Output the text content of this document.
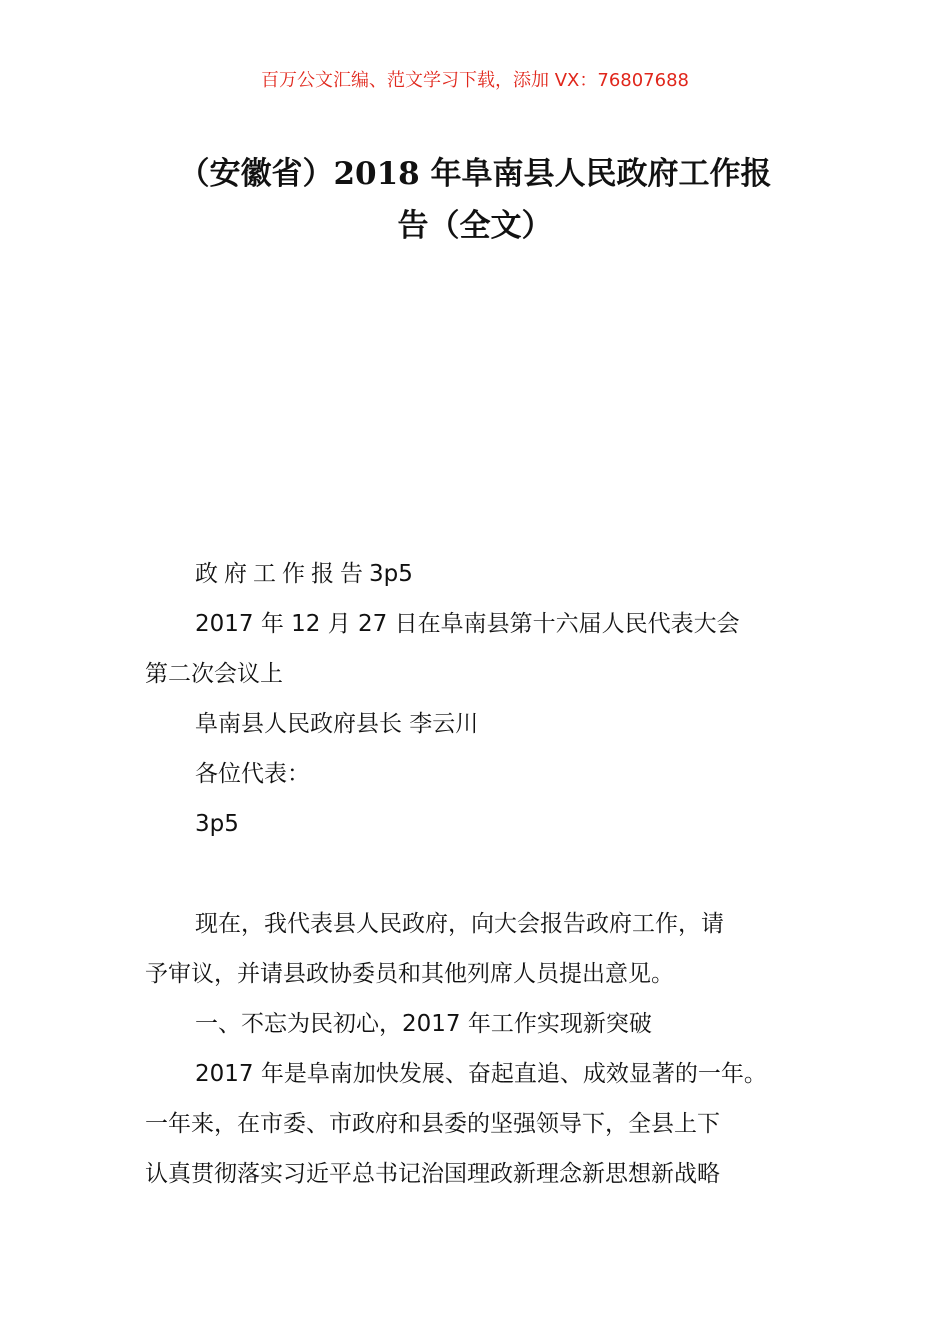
百万公文汇编、范文学习下载，添加 VX：76807688
（安徽省）2018 年阜南县人民政府工作报
告（全文）

政府工作报告3p5

2017 年 12 月 27 日在阜南县第十六届人民代表大会

第二次会议上

阜南县人民政府县长 李云川

各位代表：

3p5

现在，我代表县人民政府，向大会报告政府工作，请

予审议，并请县政协委员和其他列席人员提出意见。

一、不忘为民初心，2017 年工作实现新突破

2017 年是阜南加快发展、奋起直追、成效显著的一年。

一年来，在市委、市政府和县委的坚强领导下，全县上下

认真贯彻落实习近平总书记治国理政新理念新思想新战略
